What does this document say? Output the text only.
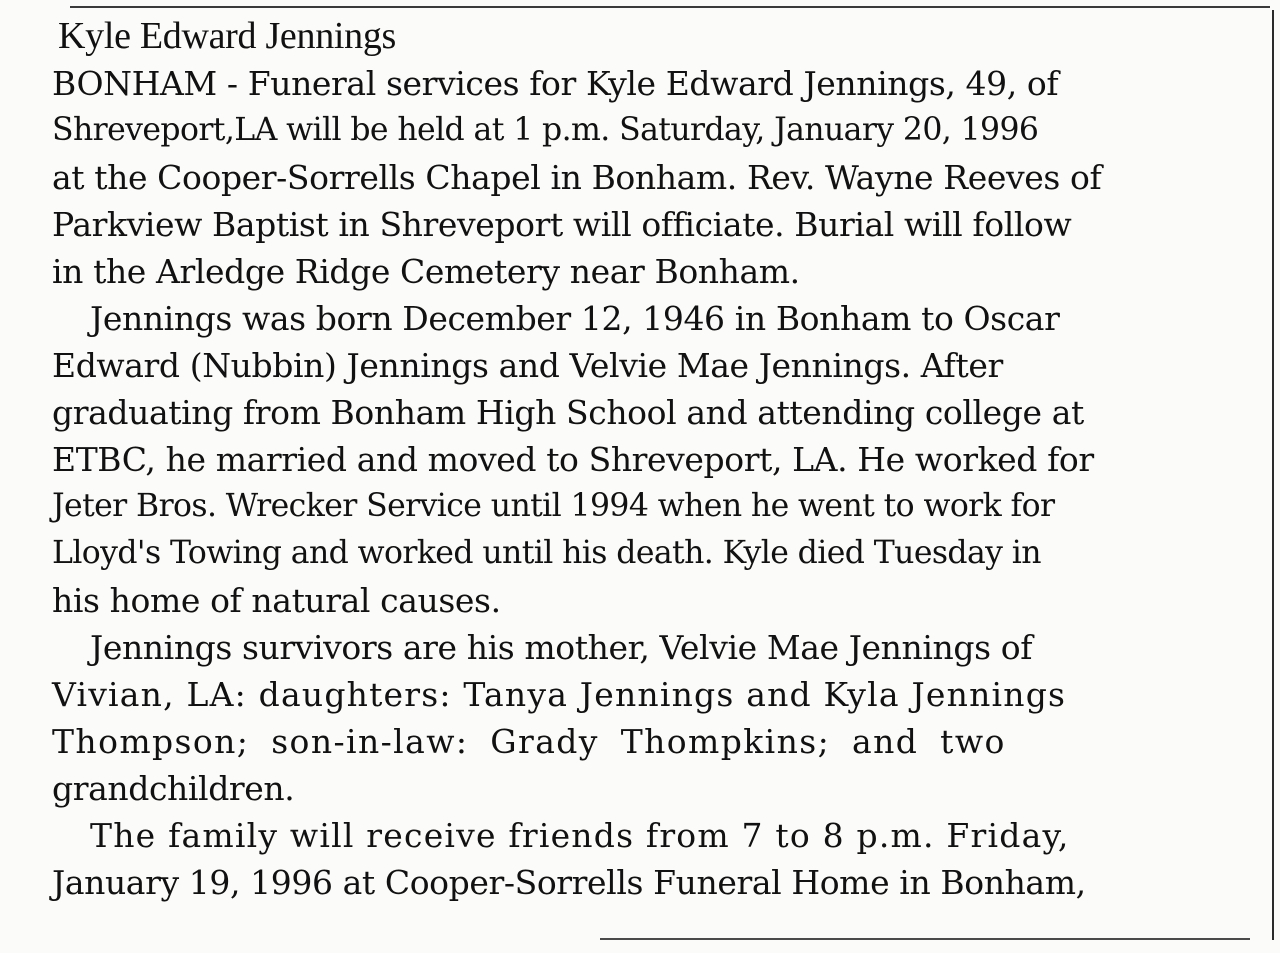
Kyle Edward Jennings
BONHAM - Funeral services for Kyle Edward Jennings, 49, of
Shreveport,LA will be held at 1 p.m. Saturday, January 20, 1996
at the Cooper-Sorrells Chapel in Bonham. Rev. Wayne Reeves of
Parkview Baptist in Shreveport will officiate. Burial will follow
in the Arledge Ridge Cemetery near Bonham.
Jennings was born December 12, 1946 in Bonham to Oscar
Edward (Nubbin) Jennings and Velvie Mae Jennings. After
graduating from Bonham High School and attending college at
ETBC, he married and moved to Shreveport, LA. He worked for
Jeter Bros. Wrecker Service until 1994 when he went to work for
Lloyd's Towing and worked until his death. Kyle died Tuesday in
his home of natural causes.
Jennings survivors are his mother, Velvie Mae Jennings of
Vivian, LA: daughters: Tanya Jennings and Kyla Jennings
Thompson; son-in-law: Grady Thompkins; and two
grandchildren.
The family will receive friends from 7 to 8 p.m. Friday,
January 19, 1996 at Cooper-Sorrells Funeral Home in Bonham,
